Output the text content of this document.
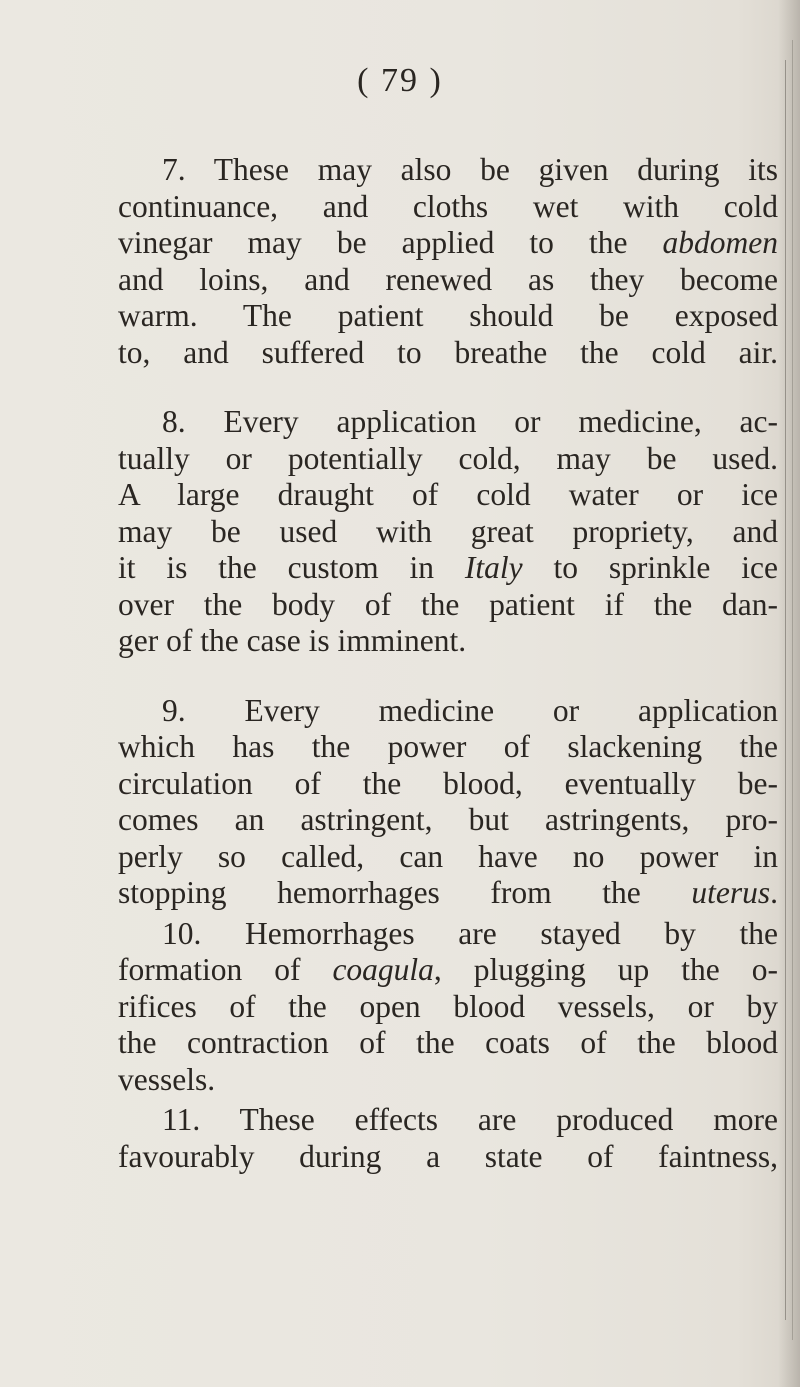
( 79 )
7. These may also be given during its
continuance, and cloths wet with cold
vinegar may be applied to the abdomen
and loins, and renewed as they become
warm. The patient should be exposed
to, and suffered to breathe the cold air.
8. Every application or medicine, ac-
tually or potentially cold, may be used.
A large draught of cold water or ice
may be used with great propriety, and
it is the custom in Italy to sprinkle ice
over the body of the patient if the dan-
ger of the case is imminent.
9. Every medicine or application
which has the power of slackening the
circulation of the blood, eventually be-
comes an astringent, but astringents, pro-
perly so called, can have no power in
stopping hemorrhages from the uterus.
10. Hemorrhages are stayed by the
formation of coagula, plugging up the o-
rifices of the open blood vessels, or by
the contraction of the coats of the blood
vessels.
11. These effects are produced more
favourably during a state of faintness,
